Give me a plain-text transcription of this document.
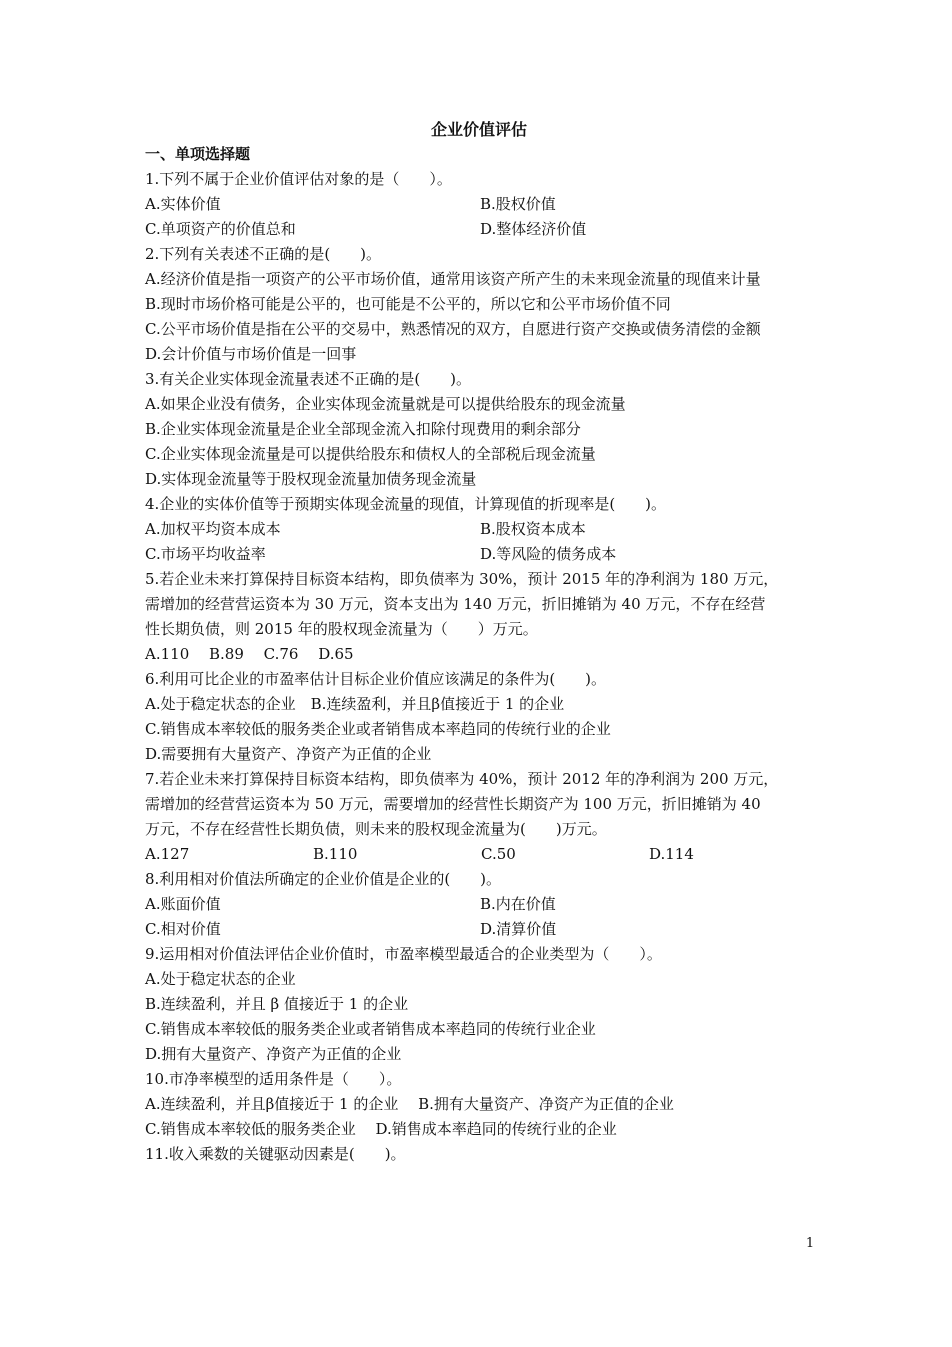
企业价值评估
一、单项选择题
1.下列不属于企业价值评估对象的是（　　）。
A.实体价值	B.股权价值
C.单项资产的价值总和	D.整体经济价值
2.下列有关表述不正确的是(　　)。
A.经济价值是指一项资产的公平市场价值，通常用该资产所产生的未来现金流量的现值来计量
B.现时市场价格可能是公平的，也可能是不公平的，所以它和公平市场价值不同
C.公平市场价值是指在公平的交易中，熟悉情况的双方，自愿进行资产交换或债务清偿的金额
D.会计价值与市场价值是一回事
3.有关企业实体现金流量表述不正确的是(　　)。
A.如果企业没有债务，企业实体现金流量就是可以提供给股东的现金流量
B.企业实体现金流量是企业全部现金流入扣除付现费用的剩余部分
C.企业实体现金流量是可以提供给股东和债权人的全部税后现金流量
D.实体现金流量等于股权现金流量加债务现金流量
4.企业的实体价值等于预期实体现金流量的现值，计算现值的折现率是(　　)。
A.加权平均资本成本	B.股权资本成本
C.市场平均收益率	D.等风险的债务成本
5.若企业未来打算保持目标资本结构，即负债率为 30%，预计 2015 年的净利润为 180 万元，
需增加的经营营运资本为 30 万元，资本支出为 140 万元，折旧摊销为 40 万元，不存在经营
性长期负债，则 2015 年的股权现金流量为（　　）万元。
A.110　 B.89　 C.76　 D.65
6.利用可比企业的市盈率估计目标企业价值应该满足的条件为(　　)。
A.处于稳定状态的企业　B.连续盈利，并且β值接近于 1 的企业
C.销售成本率较低的服务类企业或者销售成本率趋同的传统行业的企业
D.需要拥有大量资产、净资产为正值的企业
7.若企业未来打算保持目标资本结构，即负债率为 40%，预计 2012 年的净利润为 200 万元，
需增加的经营营运资本为 50 万元，需要增加的经营性长期资产为 100 万元，折旧摊销为 40
万元，不存在经营性长期负债，则未来的股权现金流量为(　　)万元。
A.127	B.110	C.50	D.114
8.利用相对价值法所确定的企业价值是企业的(　　)。
A.账面价值	B.内在价值
C.相对价值	D.清算价值
9.运用相对价值法评估企业价值时，市盈率模型最适合的企业类型为（　　）。
A.处于稳定状态的企业
B.连续盈利，并且 β 值接近于 1 的企业
C.销售成本率较低的服务类企业或者销售成本率趋同的传统行业企业
D.拥有大量资产、净资产为正值的企业
10.市净率模型的适用条件是（　　）。
A.连续盈利，并且β值接近于 1 的企业　 B.拥有大量资产、净资产为正值的企业
C.销售成本率较低的服务类企业　 D.销售成本率趋同的传统行业的企业
11.收入乘数的关键驱动因素是(　　)。
1
